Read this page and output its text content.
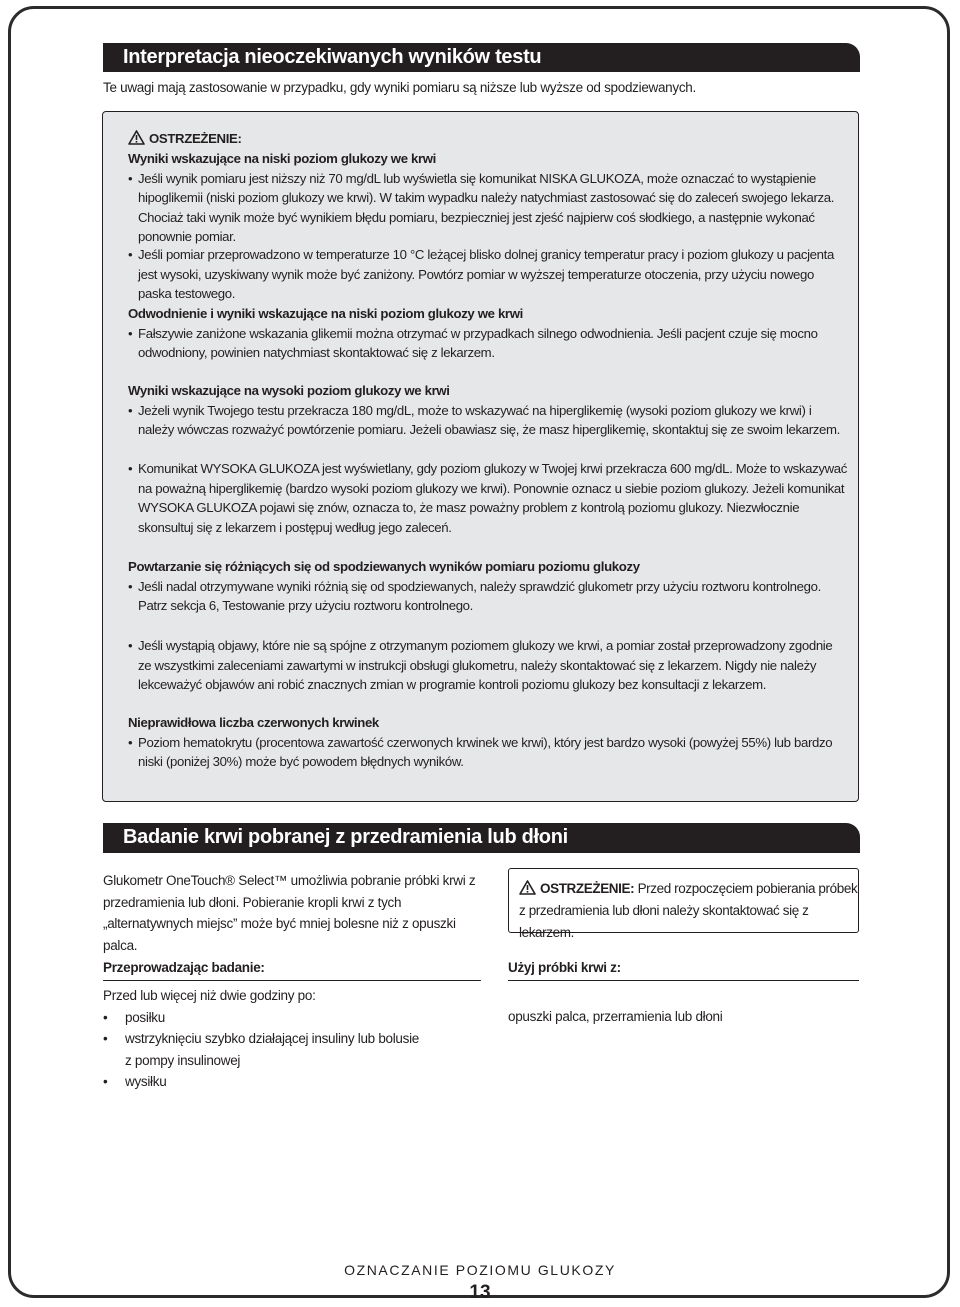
Interpretacja nieoczekiwanych wyników testu
Te uwagi mają zastosowanie w przypadku, gdy wyniki pomiaru są niższe lub wyższe od spodziewanych.
OSTRZEŻENIE:
Wyniki wskazujące na niski poziom glukozy we krwi
• Jeśli wynik pomiaru jest niższy niż 70 mg/dL lub wyświetla się komunikat NISKA GLUKOZA, może oznaczać to wystąpienie hipoglikemii (niski poziom glukozy we krwi). W takim wypadku należy natychmiast zastosować się do zaleceń swojego lekarza. Chociaż taki wynik może być wynikiem błędu pomiaru, bezpieczniej jest zjeść najpierw coś słodkiego, a następnie wykonać ponownie pomiar.
• Jeśli pomiar przeprowadzono w temperaturze 10 °C leżącej blisko dolnej granicy temperatur pracy i poziom glukozy u pacjenta jest wysoki, uzyskiwany wynik może być zaniżony. Powtórz pomiar w wyższej temperaturze otoczenia, przy użyciu nowego paska testowego.
Odwodnienie i wyniki wskazujące na niski poziom glukozy we krwi
• Fałszywie zaniżone wskazania glikemii można otrzymać w przypadkach silnego odwodnienia. Jeśli pacjent czuje się mocno odwodniony, powinien natychmiast skontaktować się z lekarzem.
Wyniki wskazujące na wysoki poziom glukozy we krwi
• Jeżeli wynik Twojego testu przekracza 180 mg/dL, może to wskazywać na hiperglikemię (wysoki poziom glukozy we krwi) i należy wówczas rozważyć powtórzenie pomiaru. Jeżeli obawiasz się, że masz hiperglikemię, skontaktuj się ze swoim lekarzem.
• Komunikat WYSOKA GLUKOZA jest wyświetlany, gdy poziom glukozy w Twojej krwi przekracza 600 mg/dL. Może to wskazywać na poważną hiperglikemię (bardzo wysoki poziom glukozy we krwi). Ponownie oznacz u siebie poziom glukozy. Jeżeli komunikat WYSOKA GLUKOZA pojawi się znów, oznacza to, że masz poważny problem z kontrolą poziomu glukozy. Niezwłocznie skonsultuj się z lekarzem i postępuj według jego zaleceń.
Powtarzanie się różniących się od spodziewanych wyników pomiaru poziomu glukozy
• Jeśli nadal otrzymywane wyniki różnią się od spodziewanych, należy sprawdzić glukometr przy użyciu roztworu kontrolnego. Patrz sekcja 6, Testowanie przy użyciu roztworu kontrolnego.
• Jeśli wystąpią objawy, które nie są spójne z otrzymanym poziomem glukozy we krwi, a pomiar został przeprowadzony zgodnie ze wszystkimi zaleceniami zawartymi w instrukcji obsługi glukometru, należy skontaktować się z lekarzem. Nigdy nie należy lekceważyć objawów ani robić znacznych zmian w programie kontroli poziomu glukozy bez konsultacji z lekarzem.
Nieprawidłowa liczba czerwonych krwinek
• Poziom hematokrytu (procentowa zawartość czerwonych krwinek we krwi), który jest bardzo wysoki (powyżej 55%) lub bardzo niski (poniżej 30%) może być powodem błędnych wyników.
Badanie krwi pobranej z przedramienia lub dłoni
Glukometr OneTouch® Select™ umożliwia pobranie próbki krwi z przedramienia lub dłoni. Pobieranie kropli krwi z tych „alternatywnych miejsc” może być mniej bolesne niż z opuszki palca.
OSTRZEŻENIE: Przed rozpoczęciem pobierania próbek z przedramienia lub dłoni należy skontaktować się z lekarzem.
Przeprowadzając badanie:	Użyj próbki krwi z:
Przed lub więcej niż dwie godziny po:
• posiłku
• wstrzyknięciu szybko działającej insuliny lub bolusie z pompy insulinowej
• wysiłku
opuszki palca, przerramienia lub dłoni
OZNACZANIE POZIOMU GLUKOZY
13
